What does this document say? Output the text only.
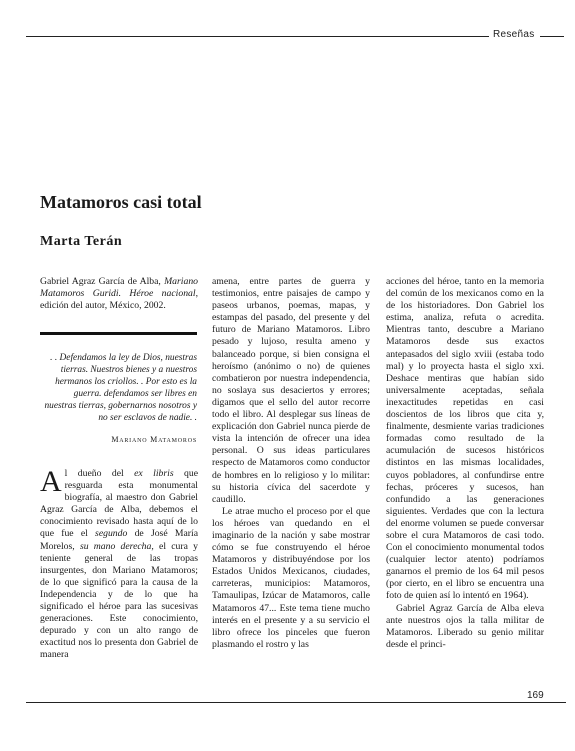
Reseñas
Matamoros casi total
Marta Terán

Gabriel Agraz García de Alba, Mariano Matamoros Guridi. Héroe nacional, edición del autor, México, 2002.

. . Defendamos la ley de Dios, nuestras tierras. Nuestros bienes y a nuestros hermanos los criollos. . Por esto es la guerra. defendamos ser libres en nuestras tierras, gobernarnos nosotros y no ser esclavos de nadie. .

Mariano Matamoros

Al dueño del ex libris que resguarda esta monumental biografía, al maestro don Gabriel Agraz García de Alba, debemos el conocimiento revisado hasta aquí de lo que fue el segundo de José María Morelos, su mano derecha, el cura y teniente general de las tropas insurgentes, don Mariano Matamoros; de lo que significó para la causa de la Independencia y de lo que ha significado el héroe para las sucesivas generaciones. Este conocimiento, depurado y con un alto rango de exactitud nos lo presenta don Gabriel de manera

amena, entre partes de guerra y testimonios, entre paisajes de campo y paseos urbanos, poemas, mapas, y estampas del pasado, del presente y del futuro de Mariano Matamoros. Libro pesado y lujoso, resulta ameno y balanceado porque, si bien consigna el heroísmo (anónimo o no) de quienes combatieron por nuestra independencia, no soslaya sus desaciertos y errores; digamos que el sello del autor recorre todo el libro. Al desplegar sus líneas de explicación don Gabriel nunca pierde de vista la intención de ofrecer una idea personal. O sus ideas particulares respecto de Matamoros como conductor de hombres en lo religioso y lo militar: su historia cívica del sacerdote y caudillo.

Le atrae mucho el proceso por el que los héroes van quedando en el imaginario de la nación y sabe mostrar cómo se fue construyendo el héroe Matamoros y distribuyéndose por los Estados Unidos Mexicanos, ciudades, carreteras, municipios: Matamoros, Tamaulipas, Izúcar de Matamoros, calle Matamoros 47... Este tema tiene mucho interés en el presente y a su servicio el libro ofrece los pinceles que fueron plasmando el rostro y las

acciones del héroe, tanto en la memoria del común de los mexicanos como en la de los historiadores. Don Gabriel los estima, analiza, refuta o acredita. Mientras tanto, descubre a Mariano Matamoros desde sus exactos antepasados del siglo xviii (estaba todo mal) y lo proyecta hasta el siglo xxi. Deshace mentiras que habían sido universalmente aceptadas, señala inexactitudes repetidas en casi doscientos de los libros que cita y, finalmente, desmiente varias tradiciones formadas como resultado de la acumulación de sucesos históricos distintos en las mismas localidades, cuyos pobladores, al confundirse entre fechas, próceres y sucesos, han confundido a las generaciones siguientes. Verdades que con la lectura del enorme volumen se puede conversar sobre el cura Matamoros de casi todo. Con el conocimiento monumental todos (cualquier lector atento) podríamos ganarnos el premio de los 64 mil pesos (por cierto, en el libro se encuentra una foto de quien así lo intentó en 1964).

Gabriel Agraz García de Alba eleva ante nuestros ojos la talla militar de Matamoros. Liberado su genio militar desde el princi-

169
